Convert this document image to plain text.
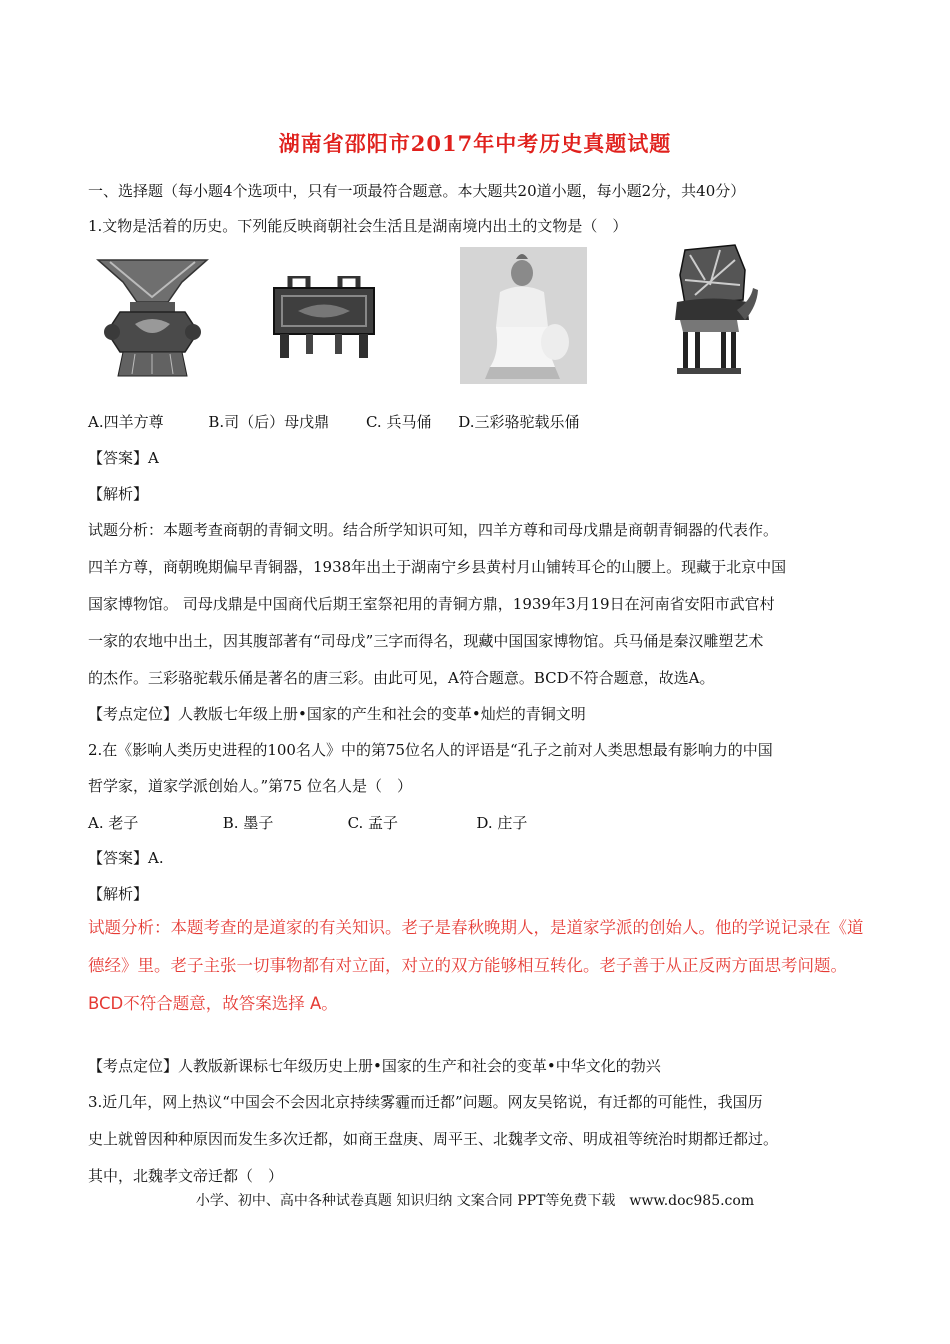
湖南省邵阳市2017年中考历史真题试题
一、选择题（每小题4个选项中，只有一项最符合题意。本大题共20道小题，每小题2分，共40分）
1.文物是活着的历史。下列能反映商朝社会生活且是湖南境内出土的文物是（　）
A.四羊方尊	B.司（后）母戊鼎 C. 兵马俑 D.三彩骆驼载乐俑
【答案】A
【解析】
试题分析：本题考查商朝的青铜文明。结合所学知识可知，四羊方尊和司母戊鼎是商朝青铜器的代表作。
四羊方尊，商朝晚期偏早青铜器，1938年出土于湖南宁乡县黄村月山铺转耳仑的山腰上。现藏于北京中国
国家博物馆。 司母戊鼎是中国商代后期王室祭祀用的青铜方鼎，1939年3月19日在河南省安阳市武官村
一家的农地中出土，因其腹部著有“司母戊”三字而得名，现藏中国国家博物馆。兵马俑是秦汉雕塑艺术
的杰作。三彩骆驼载乐俑是著名的唐三彩。由此可见，A符合题意。BCD不符合题意，故选A。
【考点定位】人教版七年级上册•国家的产生和社会的变革•灿烂的青铜文明
2.在《影响人类历史进程的100名人》中的第75位名人的评语是“孔子之前对人类思想最有影响力的中国
哲学家，道家学派创始人。”第75 位名人是（　）
A. 老子	B. 墨子	C. 孟子	D. 庄子
【答案】A.
【解析】
试题分析：本题考查的是道家的有关知识。老子是春秋晚期人，是道家学派的创始人。他的学说记录在《道
德经》里。老子主张一切事物都有对立面，对立的双方能够相互转化。老子善于从正反两方面思考问题。
BCD不符合题意，故答案选择 A。
【考点定位】人教版新课标七年级历史上册•国家的生产和社会的变革•中华文化的勃兴
3.近几年，网上热议“中国会不会因北京持续雾霾而迁都”问题。网友吴铭说，有迁都的可能性，我国历
史上就曾因种种原因而发生多次迁都，如商王盘庚、周平王、北魏孝文帝、明成祖等统治时期都迁都过。
其中，北魏孝文帝迁都（　）
小学、初中、高中各种试卷真题 知识归纳 文案合同 PPT等免费下载　www.doc985.com
